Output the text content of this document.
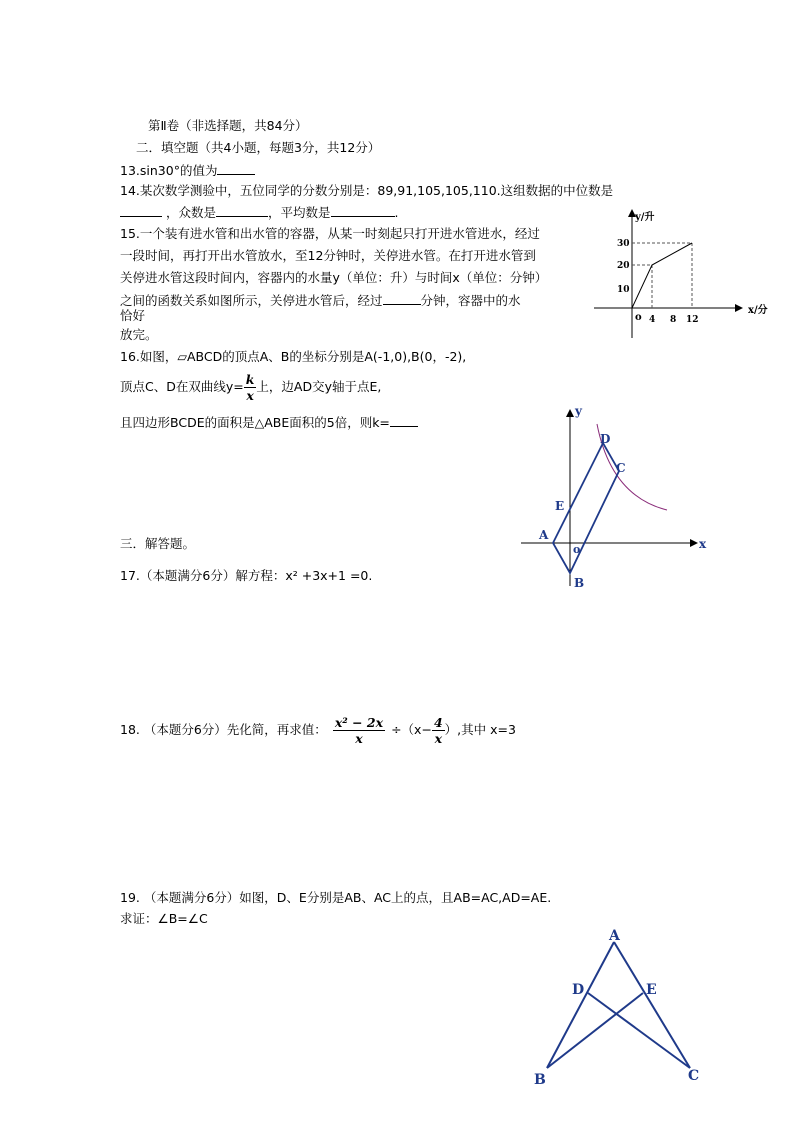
第Ⅱ卷（非选择题，共84分）
二．填空题（共4小题，每题3分，共12分）
13.sin30°的值为
14.某次数学测验中，五位同学的分数分别是：89,91,105,105,110.这组数据的中位数是
，众数是	，平均数是	.
15.一个装有进水管和出水管的容器，从某一时刻起只打开进水管进水，经过
一段时间，再打开出水管放水，至12分钟时，关停进水管。在打开进水管到
关停进水管这段时间内，容器内的水量y（单位：升）与时间x（单位：分钟）
之间的函数关系如图所示，关停进水管后，经过	分钟，容器中的水
恰好
放完。
y/升
x/分
30
20
10
o 4 8 12
16.如图，▱ABCD的顶点A、B的坐标分别是A(-1,0),B(0，-2),
顶点C、D在双曲线$y= \frac{k}{x}$ 上，边AD交y轴于点E,
且四边形BCDE的面积是△ABE面积的5倍，则k=
y
x
D
C
E
A
o
B
三．解答题。
17.（本题满分6分）解方程：x² +3x+1 =0.
18. （本题分6分）先化简，再求值： $\frac{\text{x² − 2x}}{x} \div(x- \frac{4}{x}$ ）,其中 x=3
19. （本题满分6分）如图，D、E分别是AB、AC上的点，且AB=AC,AD=AE.
求证：∠B=∠C
A
D	E
B	C
